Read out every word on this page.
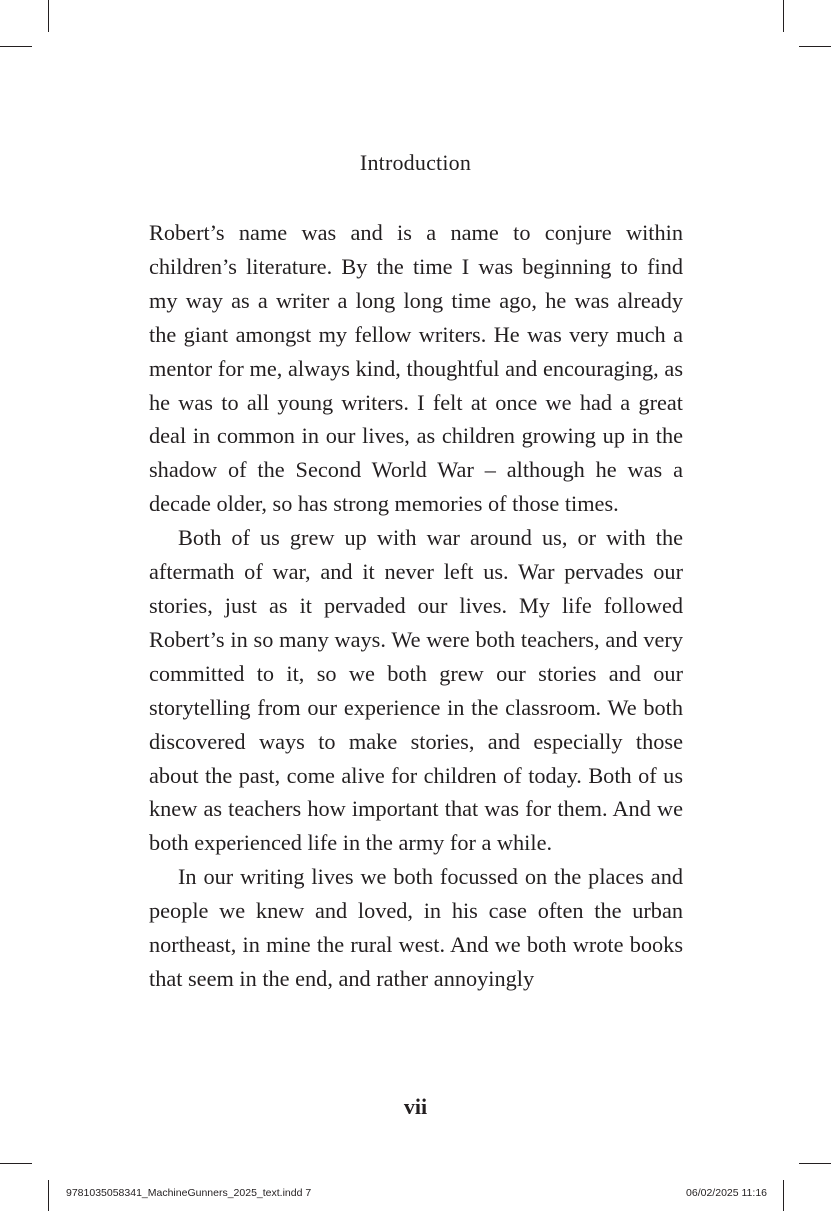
Introduction

Robert’s name was and is a name to conjure within children’s literature. By the time I was beginning to find my way as a writer a long long time ago, he was already the giant amongst my fellow writers. He was very much a mentor for me, always kind, thoughtful and encouraging, as he was to all young writers. I felt at once we had a great deal in common in our lives, as children growing up in the shadow of the Second World War – although he was a decade older, so has strong memories of those times.

Both of us grew up with war around us, or with the aftermath of war, and it never left us. War pervades our stories, just as it pervaded our lives. My life followed Robert’s in so many ways. We were both teachers, and very committed to it, so we both grew our stories and our storytelling from our experience in the classroom. We both discovered ways to make stories, and especially those about the past, come alive for children of today. Both of us knew as teachers how important that was for them. And we both experienced life in the army for a while.

In our writing lives we both focussed on the places and people we knew and loved, in his case often the urban northeast, in mine the rural west. And we both wrote books that seem in the end, and rather annoyingly

vii
9781035058341_MachineGunners_2025_text.indd 7	06/02/2025 11:16
